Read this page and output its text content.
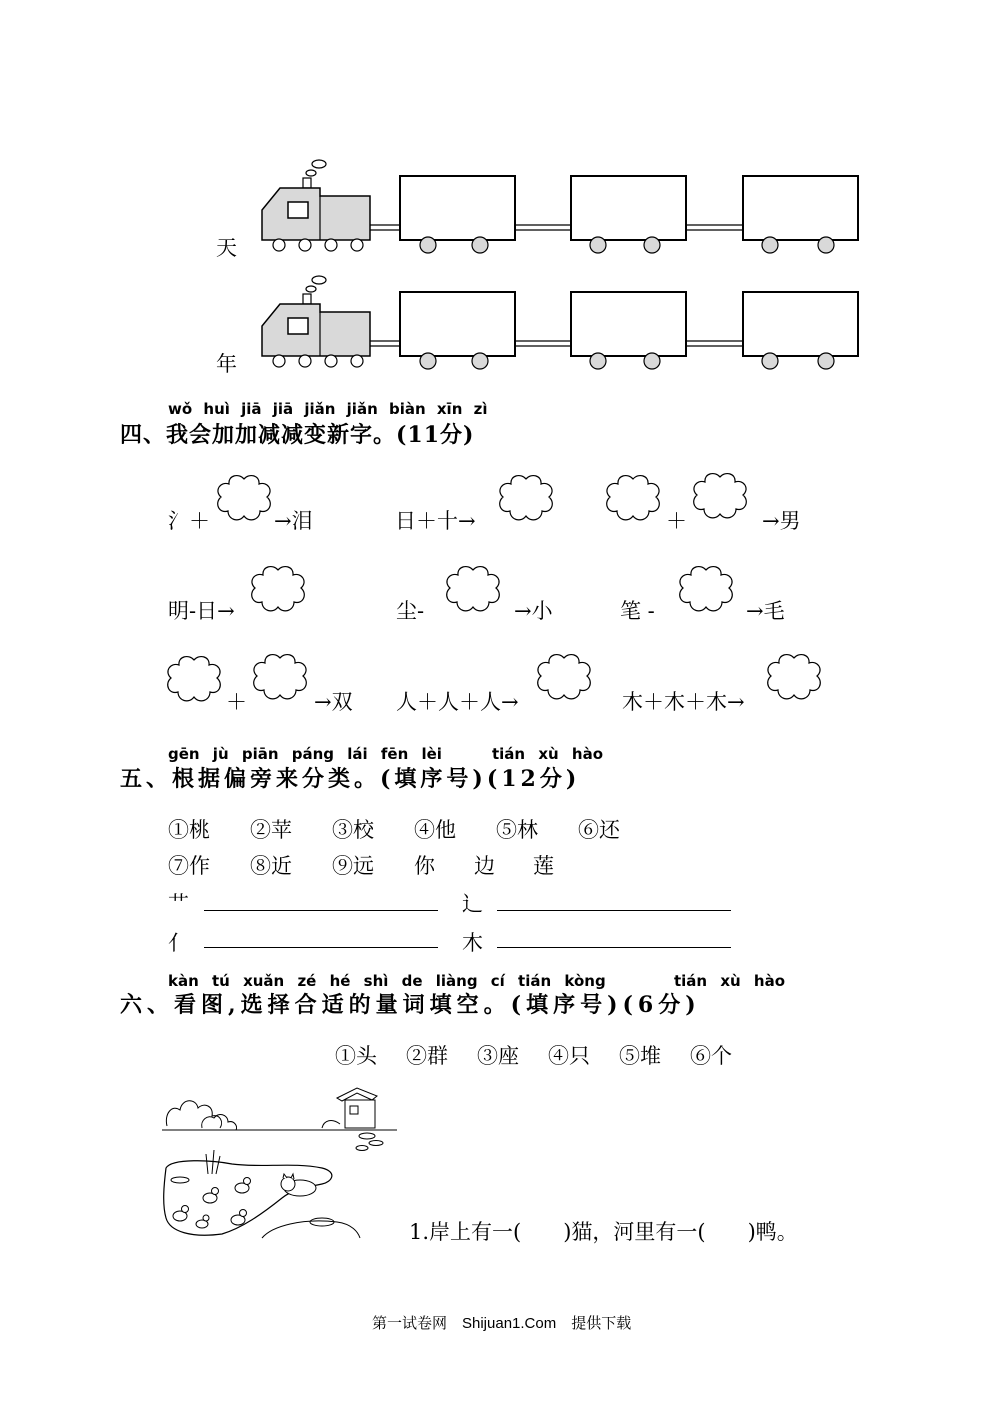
天
年
wǒ huì jiā jiā jiǎn jiǎn biàn xīn zì
四、我会加加减减变新字。(11分)
氵＋	→泪	日＋十→	＋	→男
明-日→	尘-	→小	笔 -	→毛
＋	→双 人＋人＋人→	木＋木＋木→
gēn jù piān páng lái fēn lèi	tián xù hào
五、根据偏旁来分类。(填序号)(12分)
①桃 ②苹 ③校 ④他 ⑤林 ⑥还
⑦作 ⑧近 ⑨远 你 边 莲
艹	辶
亻	木
kàn tú xuǎn zé hé shì de liàng cí tián kòng	tián xù hào
六、看图,选择合适的量词填空。(填序号)(6分)
①头 ②群 ③座 ④只 ⑤堆 ⑥个
1.岸上有一(　　)猫，河里有一(　　)鸭。
第一试卷网　Shijuan1.Com　提供下载
